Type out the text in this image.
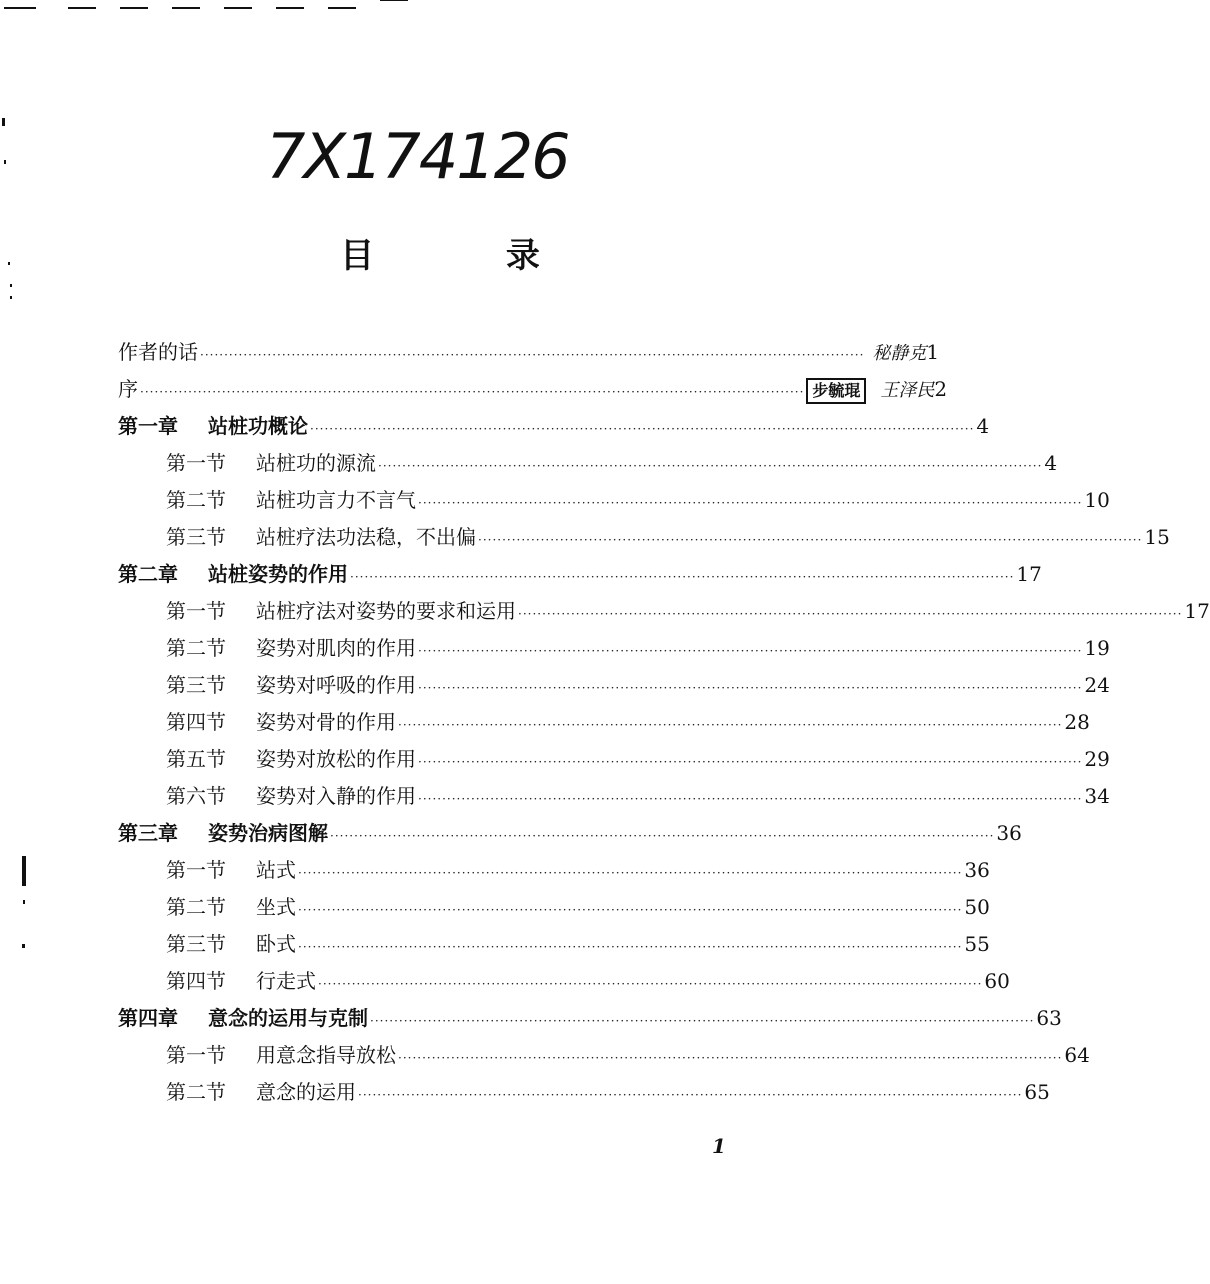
7X174126
目 录
作者的话 ·····	秘静克 1
序 ·····	步毓琨	王泽民 2
第一章 站桩功概论 ·····	4
第一节 站桩功的源流 ·····	4
第二节 站桩功言力不言气 ·····	10
第三节 站桩疗法功法稳，不出偏 ·····	15
第二章 站桩姿势的作用 ·····	17
第一节 站桩疗法对姿势的要求和运用 ·····	17
第二节 姿势对肌肉的作用 ·····	19
第三节 姿势对呼吸的作用 ·····	24
第四节 姿势对骨的作用 ·····	28
第五节 姿势对放松的作用 ·····	29
第六节 姿势对入静的作用 ·····	34
第三章 姿势治病图解 ·····	36
第一节 站式 ·····	36
第二节 坐式 ·····	50
第三节 卧式 ·····	55
第四节 行走式 ·····	60
第四章 意念的运用与克制 ·····	63
第一节 用意念指导放松 ·····	64
第二节 意念的运用 ·····	65
1
